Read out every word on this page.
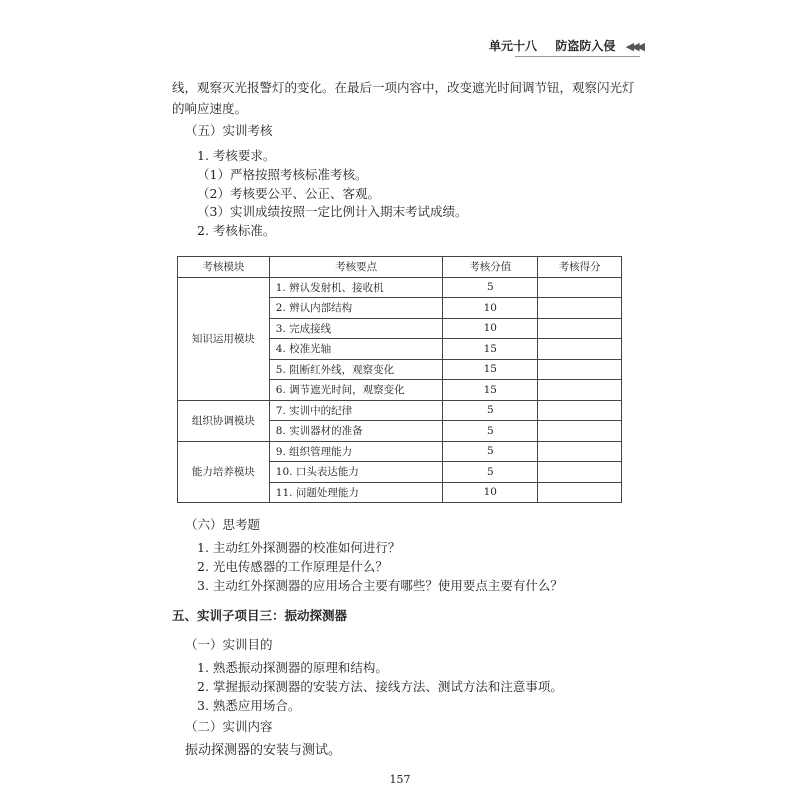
单元十八 防盗防入侵 ◀◀◀
线，观察灭光报警灯的变化。在最后一项内容中，改变遮光时间调节钮，观察闪光灯
的响应速度。
（五）实训考核
1. 考核要求。
（1）严格按照考核标准考核。
（2）考核要公平、公正、客观。
（3）实训成绩按照一定比例计入期末考试成绩。
2. 考核标准。
考核模块	考核要点	考核分值	考核得分
知识运用模块	1. 辨认发射机、接收机	5	
	2. 辨认内部结构	10	
	3. 完成接线	10	
	4. 校准光轴	15	
	5. 阻断红外线，观察变化	15	
	6. 调节遮光时间，观察变化	15	
组织协调模块	7. 实训中的纪律	5	
	8. 实训器材的准备	5	
能力培养模块	9. 组织管理能力	5	
	10. 口头表达能力	5	
	11. 问题处理能力	10	
（六）思考题
1. 主动红外探测器的校准如何进行？
2. 光电传感器的工作原理是什么？
3. 主动红外探测器的应用场合主要有哪些？使用要点主要有什么？
五、实训子项目三：振动探测器
（一）实训目的
1. 熟悉振动探测器的原理和结构。
2. 掌握振动探测器的安装方法、接线方法、测试方法和注意事项。
3. 熟悉应用场合。
（二）实训内容
振动探测器的安装与测试。
157
